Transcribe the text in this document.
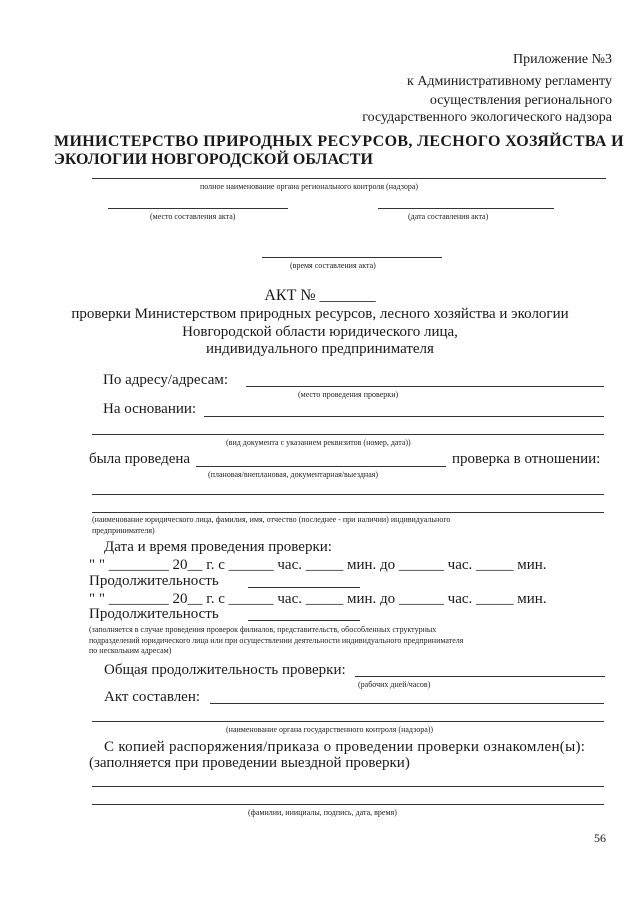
Приложение №3
к Административному регламенту
осуществления регионального
государственного экологического надзора
МИНИСТЕРСТВО ПРИРОДНЫХ РЕСУРСОВ, ЛЕСНОГО ХОЗЯЙСТВА И
ЭКОЛОГИИ НОВГОРОДСКОЙ ОБЛАСТИ
полное наименование органа регионального контроля (надзора)
(место составления акта)	(дата составления акта)
(время составления акта)
АКТ № _______
проверки Министерством природных ресурсов, лесного хозяйства и экологии
Новгородской области юридического лица,
индивидуального предпринимателя
По адресу/адресам:
(место проведения проверки)
На основании:
(вид документа с указанием реквизитов (номер, дата))
была проведена	проверка в отношении:
(плановая/внеплановая, документарная/выездная)
(наименование юридического лица, фамилия, имя, отчество (последнее - при наличии) индивидуального
предпринимателя)
Дата и время проведения проверки:
" " ________ 20__ г. с ______ час. _____ мин. до ______ час. _____ мин.
Продолжительность
" " ________ 20__ г. с ______ час. _____ мин. до ______ час. _____ мин.
Продолжительность
(заполняется в случае проведения проверок филиалов, представительств, обособленных структурных
подразделений юридического лица или при осуществлении деятельности индивидуального предпринимателя
по нескольким адресам)
Общая продолжительность проверки:
(рабочих дней/часов)
Акт составлен:
(наименование органа государственного контроля (надзора))
С копией распоряжения/приказа о проведении проверки ознакомлен(ы):
(заполняется при проведении выездной проверки)
(фамилии, инициалы, подпись, дата, время)
56
